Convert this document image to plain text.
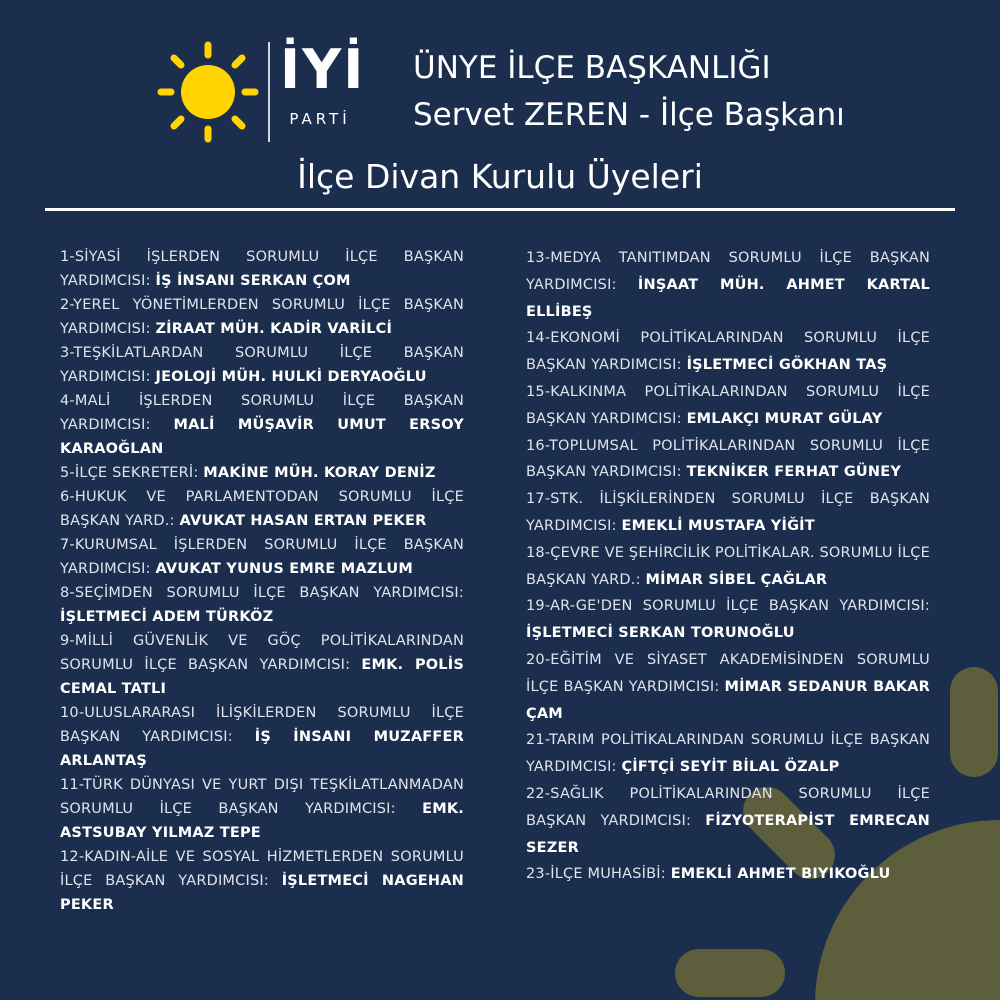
İYİ
PARTİ
ÜNYE İLÇE BAŞKANLIĞI
Servet ZEREN - İlçe Başkanı
İlçe Divan Kurulu Üyeleri

1-SİYASİ İŞLERDEN SORUMLU İLÇE BAŞKAN YARDIMCISI: İŞ İNSANI SERKAN ÇOM

2-YEREL YÖNETİMLERDEN SORUMLU İLÇE BAŞKAN YARDIMCISI: ZİRAAT MÜH. KADİR VARİLCİ

3-TEŞKİLATLARDAN SORUMLU İLÇE BAŞKAN YARDIMCISI: JEOLOJİ MÜH. HULKİ DERYAOĞLU

4-MALİ İŞLERDEN SORUMLU İLÇE BAŞKAN YARDIMCISI: MALİ MÜŞAVİR UMUT ERSOY KARAOĞLAN

5-İLÇE SEKRETERİ: MAKİNE MÜH. KORAY DENİZ

6-HUKUK VE PARLAMENTODAN SORUMLU İLÇE BAŞKAN YARD.: AVUKAT HASAN ERTAN PEKER

7-KURUMSAL İŞLERDEN SORUMLU İLÇE BAŞKAN YARDIMCISI: AVUKAT YUNUS EMRE MAZLUM

8-SEÇİMDEN SORUMLU İLÇE BAŞKAN YARDIMCISI: İŞLETMECİ ADEM TÜRKÖZ

9-MİLLİ GÜVENLİK VE GÖÇ POLİTİKALARINDAN SORUMLU İLÇE BAŞKAN YARDIMCISI: EMK. POLİS CEMAL TATLI

10-ULUSLARARASI İLİŞKİLERDEN SORUMLU İLÇE BAŞKAN YARDIMCISI: İŞ İNSANI MUZAFFER ARLANTAŞ

11-TÜRK DÜNYASI VE YURT DIŞI TEŞKİLATLANMADAN SORUMLU İLÇE BAŞKAN YARDIMCISI: EMK. ASTSUBAY YILMAZ TEPE

12-KADIN-AİLE VE SOSYAL HİZMETLERDEN SORUMLU İLÇE BAŞKAN YARDIMCISI: İŞLETMECİ NAGEHAN PEKER

13-MEDYA TANITIMDAN SORUMLU İLÇE BAŞKAN YARDIMCISI: İNŞAAT MÜH. AHMET KARTAL ELLİBEŞ

14-EKONOMİ POLİTİKALARINDAN SORUMLU İLÇE BAŞKAN YARDIMCISI: İŞLETMECİ GÖKHAN TAŞ

15-KALKINMA POLİTİKALARINDAN SORUMLU İLÇE BAŞKAN YARDIMCISI: EMLAKÇI MURAT GÜLAY

16-TOPLUMSAL POLİTİKALARINDAN SORUMLU İLÇE BAŞKAN YARDIMCISI: TEKNİKER FERHAT GÜNEY

17-STK. İLİŞKİLERİNDEN SORUMLU İLÇE BAŞKAN YARDIMCISI: EMEKLİ MUSTAFA YİĞİT

18-ÇEVRE VE ŞEHİRCİLİK POLİTİKALAR. SORUMLU İLÇE BAŞKAN YARD.: MİMAR SİBEL ÇAĞLAR

19-AR-GE'DEN SORUMLU İLÇE BAŞKAN YARDIMCISI: İŞLETMECİ SERKAN TORUNOĞLU

20-EĞİTİM VE SİYASET AKADEMİSİNDEN SORUMLU İLÇE BAŞKAN YARDIMCISI: MİMAR SEDANUR BAKAR ÇAM

21-TARIM POLİTİKALARINDAN SORUMLU İLÇE BAŞKAN YARDIMCISI: ÇİFTÇİ SEYİT BİLAL ÖZALP

22-SAĞLIK POLİTİKALARINDAN SORUMLU İLÇE BAŞKAN YARDIMCISI: FİZYOTERAPİST EMRECAN SEZER

23-İLÇE MUHASİBİ: EMEKLİ AHMET BIYIKOĞLU
